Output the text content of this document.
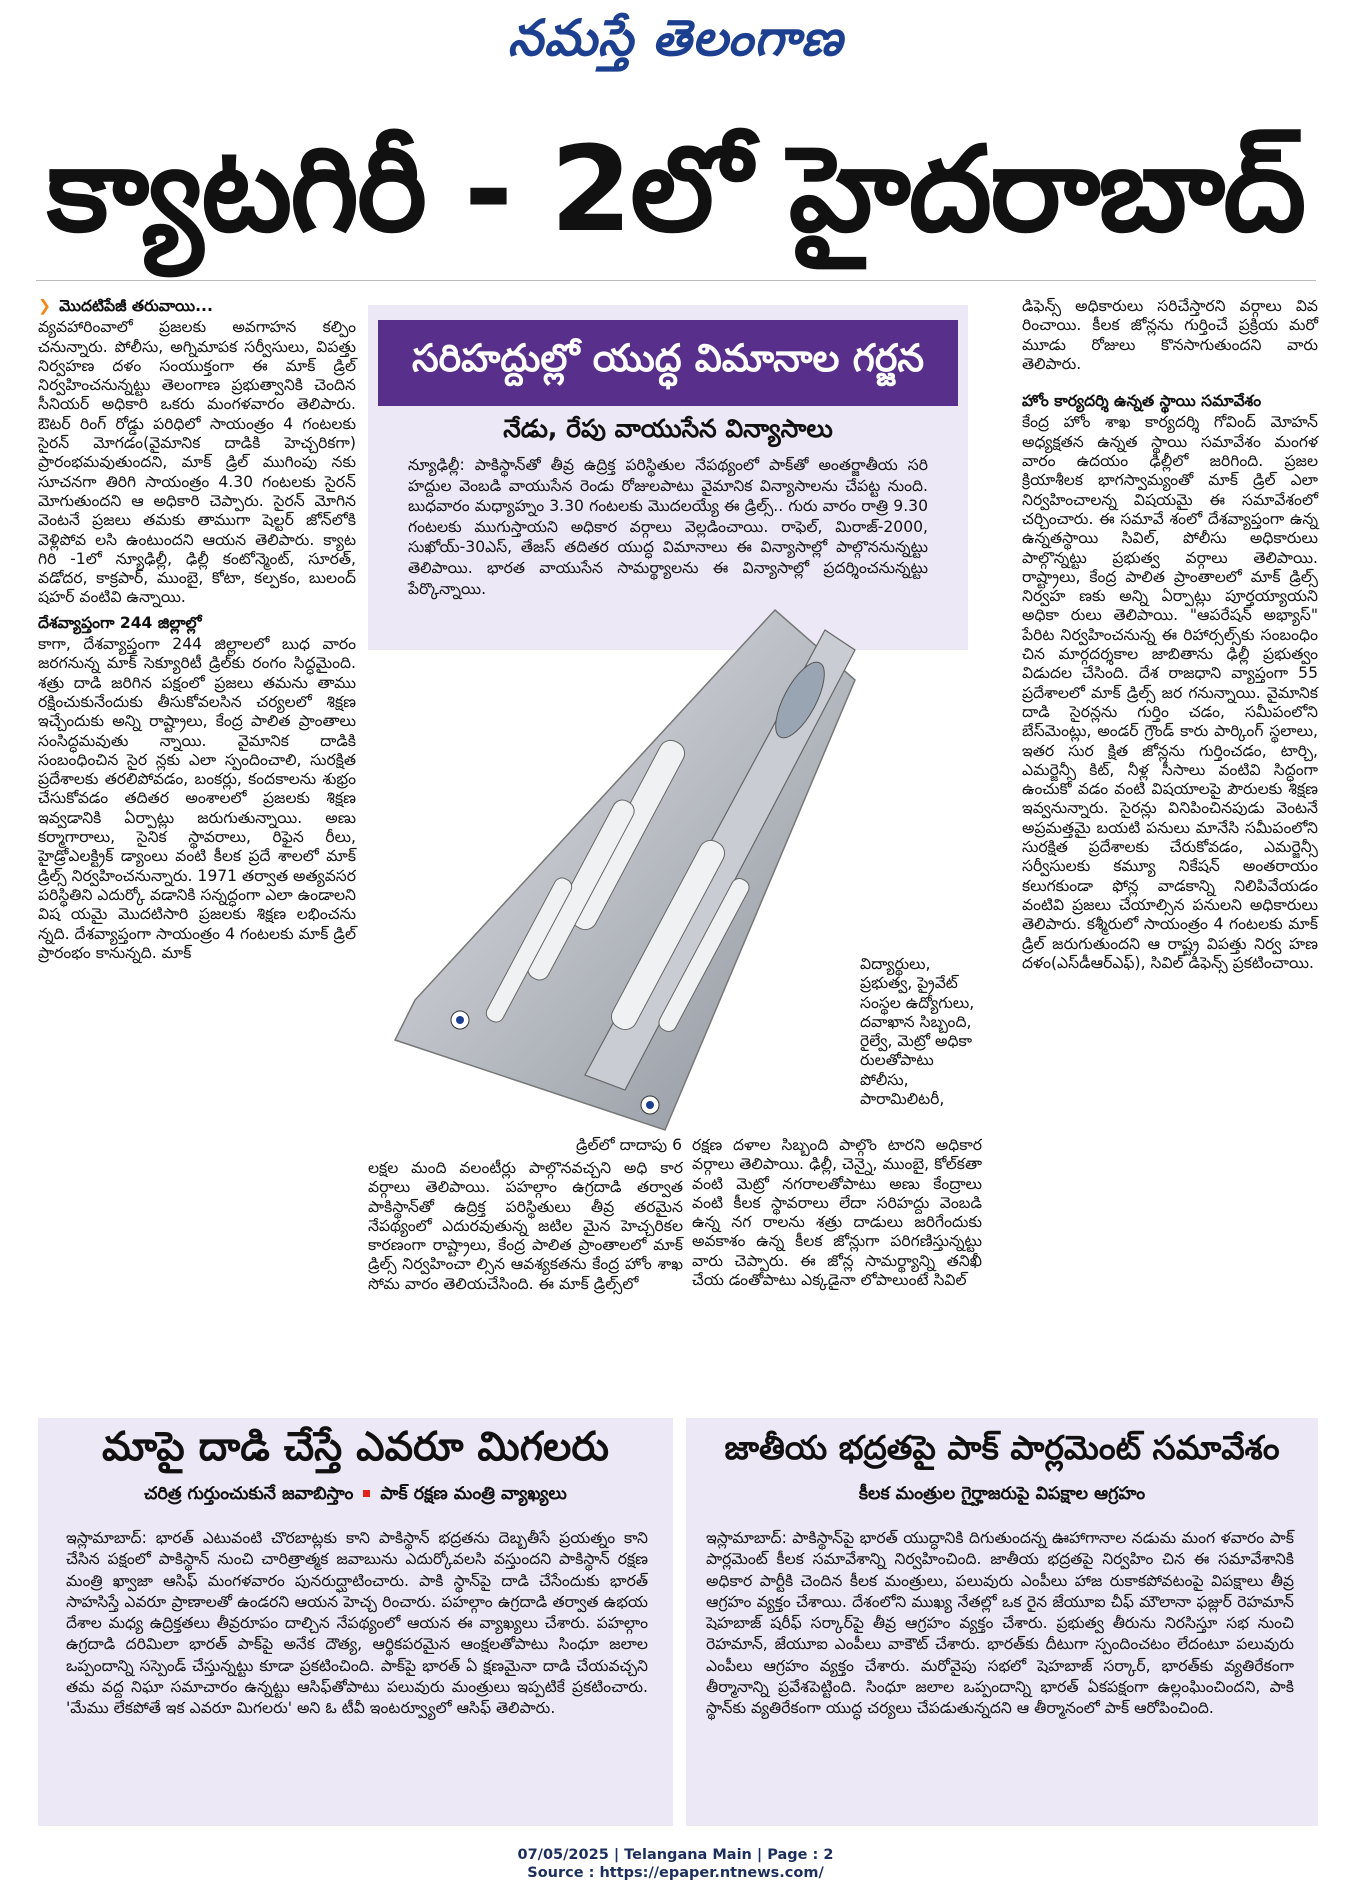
నమస్తే తెలంగాణ
క్యాటగిరీ - 2లో హైదరాబాద్

❯ మొదటిపేజీ తరువాయి...

వ్యవహారింవాలో ప్రజలకు అవగాహన కల్పిం చనున్నారు. పోలీసు, అగ్నిమాపక సర్వీసులు, విపత్తు నిర్వహణ దళం సంయుక్తంగా ఈ మాక్ డ్రిల్ నిర్వహించనున్నట్టు తెలంగాణ ప్రభుత్వానికి చెందిన సీనియర్ అధికారి ఒకరు మంగళవారం తెలిపారు. ఔటర్ రింగ్ రోడ్డు పరిధిలో సాయంత్రం 4 గంటలకు సైరన్ మోగడం(వైమానిక దాడికి హెచ్చరికగా) ప్రారంభమవుతుందని, మాక్ డ్రిల్ ముగింపు నకు సూచనగా తిరిగి సాయంత్రం 4.30 గంటలకు సైరన్ మోగుతుందని ఆ అధికారి చెప్పారు. సైరన్ మోగిన వెంటనే ప్రజలు తమకు తాముగా షెల్టర్ జోన్‌లోకి వెళ్లిపోవ లసి ఉంటుందని ఆయన తెలిపారు. క్యాట గిరి -1లో న్యూఢిల్లీ, ఢిల్లీ కంటోన్మెంట్, సూరత్, వడోదర, కాక్రపార్, ముంబై, కోటా, కల్పకం, బులంద్ షహర్ వంటివి ఉన్నాయి.

దేశవ్యాప్తంగా 244 జిల్లాల్లో

కాగా, దేశవ్యాప్తంగా 244 జిల్లాలలో బుధ వారం జరగనున్న మాక్ సెక్యూరిటీ డ్రిల్‌కు రంగం సిద్ధమైంది. శత్రు దాడి జరిగిన పక్షంలో ప్రజలు తమను తాము రక్షించుకునేందుకు తీసుకోవలసిన చర్యలలో శిక్షణ ఇచ్చేందుకు అన్ని రాష్ట్రాలు, కేంద్ర పాలిత ప్రాంతాలు సంసిద్ధమవుతు న్నాయి. వైమానిక దాడికి సంబంధించిన సైర న్లకు ఎలా స్పందించాలి, సురక్షిత ప్రదేశాలకు తరలిపోవడం, బంకర్లు, కందకాలను శుభ్రం చేసుకోవడం తదితర అంశాలలో ప్రజలకు శిక్షణ ఇవ్వడానికి ఏర్పాట్లు జరుగుతున్నాయి. అణు కర్మాగారాలు, సైనిక స్థావరాలు, రిఫైన రీలు, హైడ్రోఎలక్ట్రిక్ డ్యాంలు వంటి కీలక ప్రదే శాలలో మాక్ డ్రిల్స్ నిర్వహించనున్నారు. 1971 తర్వాత అత్యవసర పరిస్థితిని ఎదుర్కో వడానికి సన్నద్ధంగా ఎలా ఉండాలని విష యమై మొదటిసారి ప్రజలకు శిక్షణ లభించను న్నది. దేశవ్యాప్తంగా సాయంత్రం 4 గంటలకు మాక్ డ్రిల్ ప్రారంభం కానున్నది. మాక్

సరిహద్దుల్లో యుద్ధ విమానాల గర్జన
నేడు, రేపు వాయుసేన విన్యాసాలు
న్యూఢిల్లీ: పాకిస్థాన్‌తో తీవ్ర ఉద్రిక్త పరిస్థితుల నేపథ్యంలో పాక్‌తో అంతర్జాతీయ సరి హద్దుల వెంబడి వాయుసేన రెండు రోజులపాటు వైమానిక విన్యాసాలను చేపట్ట నుంది. బుధవారం మధ్యాహ్నం 3.30 గంటలకు మొదలయ్యే ఈ డ్రిల్స్.. గురు వారం రాత్రి 9.30 గంటలకు ముగుస్తాయని అధికార వర్గాలు వెల్లడించాయి. రాఫెల్, మిరాజ్-2000, సుఖోయ్-30ఎస్, తేజస్ తదితర యుద్ధ విమానాలు ఈ విన్యాసాల్లో పాల్గొననున్నట్టు తెలిపాయి. భారత వాయుసేన సామర్థ్యాలను ఈ విన్యాసాల్లో ప్రదర్శించనున్నట్టు పేర్కొన్నాయి.
విద్యార్థులు, ప్రభుత్వ, ప్రైవేట్ సంస్థల ఉద్యోగులు, దవాఖాన సిబ్బంది, రైల్వే, మెట్రో అధికా రులతోపాటు పోలీసు, పారామిలిటరీ,
డ్రిల్‌లో దాదాపు 6
లక్షల మంది వలంటీర్లు పాల్గొనవచ్చని అధి కార వర్గాలు తెలిపాయి. పహల్గాం ఉగ్రదాడి తర్వాత పాకిస్థాన్‌తో ఉద్రిక్త పరిస్థితులు తీవ్ర తరమైన నేపథ్యంలో ఎదురవుతున్న జటిల మైన హెచ్చరికల కారణంగా రాష్ట్రాలు, కేంద్ర పాలిత ప్రాంతాలలో మాక్ డ్రిల్స్ నిర్వహించా ల్సిన ఆవశ్యకతను కేంద్ర హోం శాఖ సోమ వారం తెలియచేసింది. ఈ మాక్ డ్రిల్స్‌లో
రక్షణ దళాల సిబ్బంది పాల్గొం టారని అధికార వర్గాలు తెలిపాయి. ఢిల్లీ, చెన్నై, ముంబై, కోల్‌కతా వంటి మెట్రో నగరాలతోపాటు అణు కేంద్రాలు వంటి కీలక స్థావరాలు లేదా సరిహద్దు వెంబడి ఉన్న నగ రాలను శత్రు దాడులు జరిగేందుకు అవకాశం ఉన్న కీలక జోన్లుగా పరిగణిస్తున్నట్టు వారు చెప్పారు. ఈ జోన్ల సామర్థ్యాన్ని తనిఖీ చేయ డంతోపాటు ఎక్కడైనా లోపాలుంటే సివిల్

డిఫెన్స్ అధికారులు సరిచేస్తారని వర్గాలు వివ రించాయి. కీలక జోన్లను గుర్తించే ప్రక్రియ మరో మూడు రోజులు కొనసాగుతుందని వారు తెలిపారు.

హోం కార్యదర్శి ఉన్నత స్థాయి సమావేశం

కేంద్ర హోం శాఖ కార్యదర్శి గోవింద్ మోహన్ అధ్యక్షతన ఉన్నత స్థాయి సమావేశం మంగళ వారం ఉదయం ఢిల్లీలో జరిగింది. ప్రజల క్రియాశీలక భాగస్వామ్యంతో మాక్ డ్రిల్ ఎలా నిర్వహించాలన్న విషయమై ఈ సమావేశంలో చర్చించారు. ఈ సమావే శంలో దేశవ్యాప్తంగా ఉన్న ఉన్నతస్థాయి సివిల్, పోలీసు అధికారులు పాల్గొన్నట్టు ప్రభుత్వ వర్గాలు తెలిపాయి. రాష్ట్రాలు, కేంద్ర పాలిత ప్రాంతాలలో మాక్ డ్రిల్స్ నిర్వహ ణకు అన్ని ఏర్పాట్లు పూర్తయ్యాయని అధికా రులు తెలిపాయి. "ఆపరేషన్ అభ్యాస్" పేరిట నిర్వహించనున్న ఈ రిహార్సల్స్‌కు సంబంధిం చిన మార్గదర్శకాల జాబితాను ఢిల్లీ ప్రభుత్వం విడుదల చేసింది. దేశ రాజధాని వ్యాప్తంగా 55 ప్రదేశాలలో మాక్ డ్రిల్స్ జర గనున్నాయి. వైమానిక దాడి సైరన్లను గుర్తిం చడం, సమీపంలోని బేస్‌మెంట్లు, అండర్ గ్రౌండ్ కారు పార్కింగ్ స్థలాలు, ఇతర సుర క్షిత జోన్లను గుర్తించడం, టార్చి, ఎమర్జెన్సీ కిట్, నీళ్ల సీసాలు వంటివి సిద్ధంగా ఉంచుకో వడం వంటి విషయాలపై పౌరులకు శిక్షణ ఇవ్వనున్నారు. సైరన్లు వినిపించినపుడు వెంటనే అప్రమత్తమై బయటి పనులు మానేసి సమీపంలోని సురక్షిత ప్రదేశాలకు చేరుకోవడం, ఎమర్జెన్సీ సర్వీసులకు కమ్యూ నికేషన్ అంతరాయం కలుగకుండా ఫోన్ల వాడకాన్ని నిలిపివేయడం వంటివి ప్రజలు చేయాల్సిన పనులని అధికారులు తెలిపారు. కశ్మీరులో సాయంత్రం 4 గంటలకు మాక్ డ్రిల్ జరుగుతుందని ఆ రాష్ట్ర విపత్తు నిర్వ హణ దళం(ఎస్‌డీఆర్‌ఎఫ్), సివిల్ డిఫెన్స్ ప్రకటించాయి.

మాపై దాడి చేస్తే ఎవరూ మిగలరు
చరిత్ర గుర్తుంచుకునే జవాబిస్తాం పాక్ రక్షణ మంత్రి వ్యాఖ్యలు
ఇస్లామాబాద్: భారత్ ఎటువంటి చొరబాట్లకు కాని పాకిస్థాన్ భద్రతను దెబ్బతీసే ప్రయత్నం కాని చేసిన పక్షంలో పాకిస్థాన్ నుంచి చారిత్రాత్మక జవాబును ఎదుర్కోవలసి వస్తుందని పాకిస్థాన్ రక్షణ మంత్రి ఖ్వాజా ఆసిఫ్ మంగళవారం పునరుద్ఘాటించారు. పాకి స్థాన్‌పై దాడి చేసేందుకు భారత్ సాహసిస్తే ఎవరూ ప్రాణాలతో ఉండరని ఆయన హెచ్చ రించారు. పహల్గాం ఉగ్రదాడి తర్వాత ఉభయ దేశాల మధ్య ఉద్రిక్తతలు తీవ్రరూపం దాల్చిన నేపథ్యంలో ఆయన ఈ వ్యాఖ్యలు చేశారు. పహల్గాం ఉగ్రదాడి దరిమిలా భారత్ పాక్‌పై అనేక దౌత్య, ఆర్థికపరమైన ఆంక్షలతోపాటు సింధూ జలాల ఒప్పందాన్ని సస్పెండ్ చేస్తున్నట్టు కూడా ప్రకటించింది. పాక్‌పై భారత్ ఏ క్షణమైనా దాడి చేయవచ్చని తమ వద్ద నిఘా సమాచారం ఉన్నట్టు ఆసిఫ్‌తోపాటు పలువురు మంత్రులు ఇప్పటికే ప్రకటించారు. 'మేము లేకపోతే ఇక ఎవరూ మిగలరు' అని ఓ టీవీ ఇంటర్వ్యూలో ఆసిఫ్ తెలిపారు.
జాతీయ భద్రతపై పాక్ పార్లమెంట్ సమావేశం
కీలక మంత్రుల గైర్హాజరుపై విపక్షాల ఆగ్రహం
ఇస్లామాబాద్: పాకిస్థాన్‌పై భారత్ యుద్ధానికి దిగుతుందన్న ఊహాగానాల నడుమ మంగ ళవారం పాక్ పార్లమెంట్ కీలక సమావేశాన్ని నిర్వహించింది. జాతీయ భద్రతపై నిర్వహిం చిన ఈ సమావేశానికి అధికార పార్టీకి చెందిన కీలక మంత్రులు, పలువురు ఎంపీలు హాజ రుకాకపోవటంపై విపక్షాలు తీవ్ర ఆగ్రహం వ్యక్తం చేశాయి. దేశంలోని ముఖ్య నేతల్లో ఒక రైన జేయూఐ చీఫ్ మౌలానా ఫజ్లుర్ రెహమాన్ షెహబాజ్ షరీఫ్ సర్కార్‌పై తీవ్ర ఆగ్రహం వ్యక్తం చేశారు. ప్రభుత్వ తీరును నిరసిస్తూ సభ నుంచి రెహమాన్, జేయూఐ ఎంపీలు వాకౌట్ చేశారు. భారత్‌కు దీటుగా స్పందించటం లేదంటూ పలువురు ఎంపీలు ఆగ్రహం వ్యక్తం చేశారు. మరోవైపు సభలో షెహబాజ్ సర్కార్, భారత్‌కు వ్యతిరేకంగా తీర్మానాన్ని ప్రవేశపెట్టింది. సింధూ జలాల ఒప్పందాన్ని భారత్ ఏకపక్షంగా ఉల్లంఘించిందని, పాకి స్థాన్‌కు వ్యతిరేకంగా యుద్ధ చర్యలు చేపడుతున్నదని ఆ తీర్మానంలో పాక్ ఆరోపించింది.
07/05/2025 | Telangana Main | Page : 2
Source : https://epaper.ntnews.com/
